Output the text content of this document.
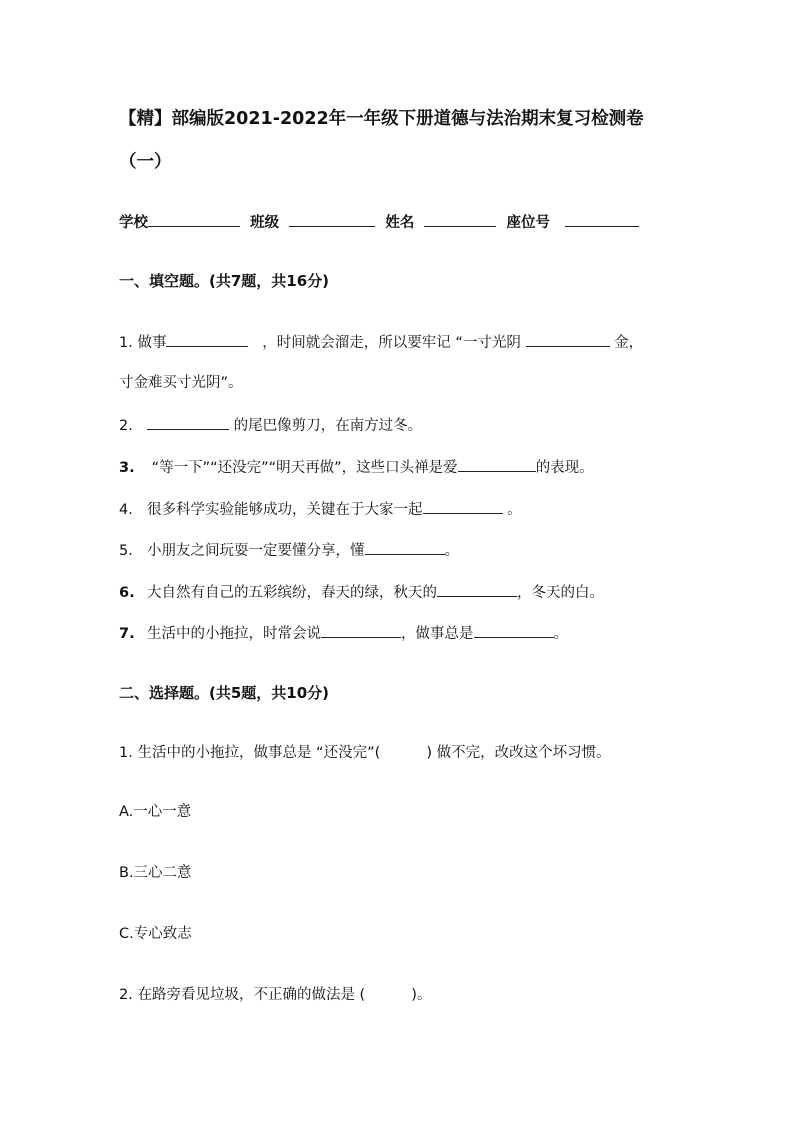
【精】部编版2021-2022年一年级下册道德与法治期末复习检测卷
（一）
学校	班级	姓名	座位号
一、填空题。(共7题，共16分)
1. 做事	，时间就会溜走，所以要牢记 “一寸光阴	金，
寸金难买寸光阴”。
2.	的尾巴像剪刀，在南方过冬。
3. “等一下”“还没完”“明天再做”，这些口头禅是爱	的表现。
4. 很多科学实验能够成功，关键在于大家一起	。
5. 小朋友之间玩耍一定要懂分享，懂	。
6. 大自然有自己的五彩缤纷，春天的绿，秋天的	，冬天的白。
7. 生活中的小拖拉，时常会说	，做事总是	。
二、选择题。(共5题，共10分)
1. 生活中的小拖拉，做事总是 “还没完”(          ) 做不完，改改这个坏习惯。
A.一心一意
B.三心二意
C.专心致志
2. 在路旁看见垃圾，不正确的做法是 (          )。
